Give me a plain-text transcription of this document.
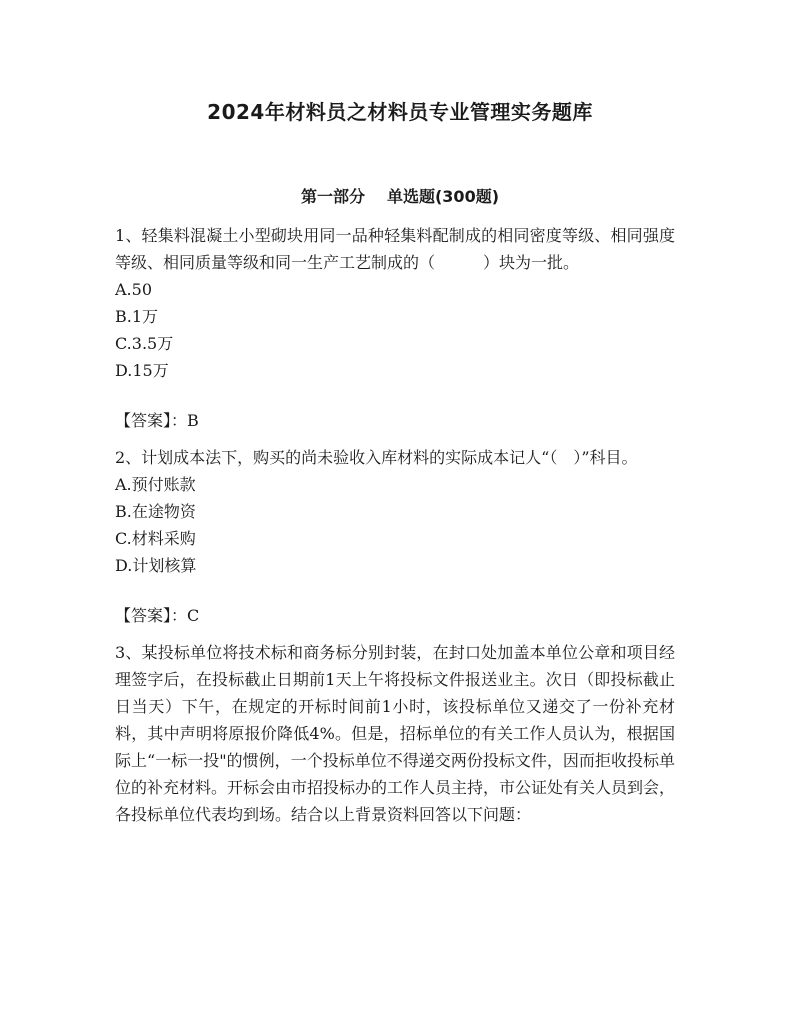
2024年材料员之材料员专业管理实务题库
第一部分 单选题(300题)

1、轻集料混凝土小型砌块用同一品种轻集料配制成的相同密度等级、相同强度等级、相同质量等级和同一生产工艺制成的（　　　）块为一批。

A.50
B.1万
C.3.5万
D.15万

【答案】：B

2、计划成本法下，购买的尚未验收入库材料的实际成本记人“（　）”科目。

A.预付账款
B.在途物资
C.材料采购
D.计划核算

【答案】：C

3、某投标单位将技术标和商务标分别封装，在封口处加盖本单位公章和项目经理签字后，在投标截止日期前1天上午将投标文件报送业主。次日（即投标截止日当天）下午，在规定的开标时间前1小时，该投标单位又递交了一份补充材料，其中声明将原报价降低4%。但是，招标单位的有关工作人员认为，根据国际上“一标一投"的惯例，一个投标单位不得递交两份投标文件，因而拒收投标单位的补充材料。开标会由市招投标办的工作人员主持，市公证处有关人员到会，各投标单位代表均到场。结合以上背景资料回答以下问题：
